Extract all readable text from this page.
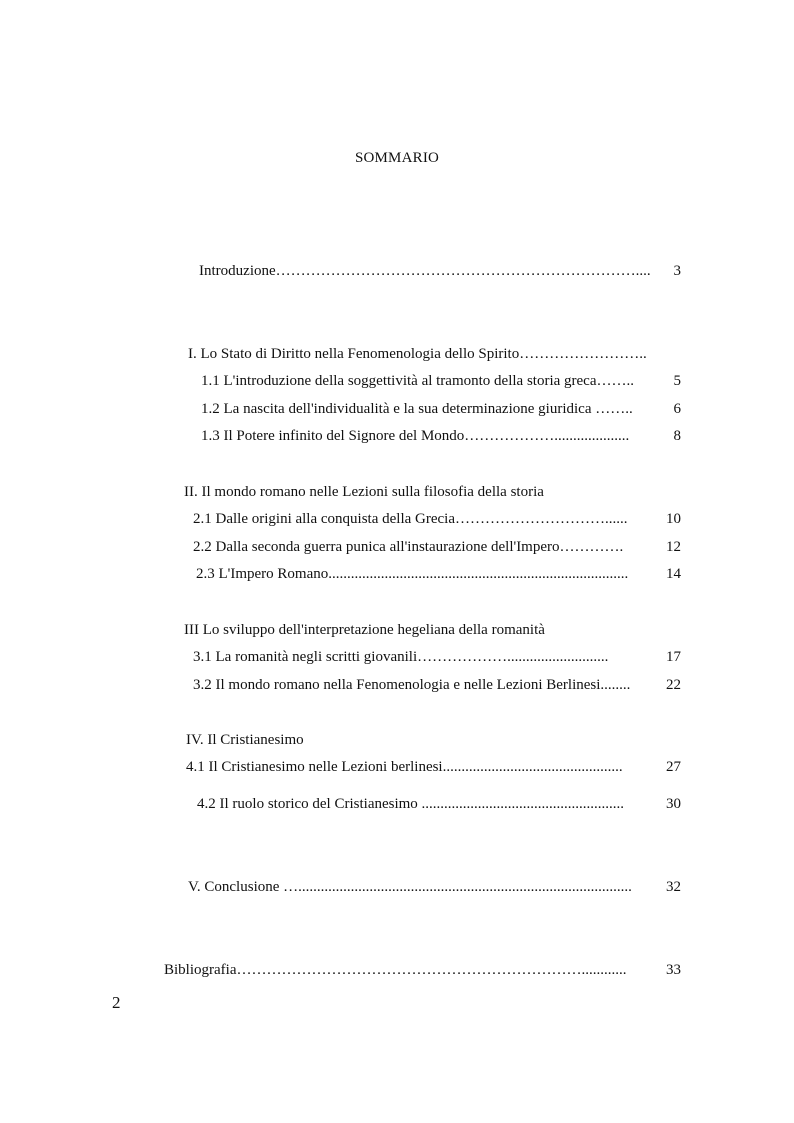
SOMMARIO
Introduzione……………………………………………………………….... 3
I. Lo Stato di Diritto nella Fenomenologia dello Spirito……………………..
1.1 L'introduzione della soggettività al tramonto della storia greca……..	5
1.2 La nascita dell'individualità e la sua determinazione giuridica ……..	6
1.3 Il Potere infinito del Signore del Mondo………………....................	8
II. Il mondo romano nelle Lezioni sulla filosofia della storia
2.1 Dalle origini alla conquista della Grecia…………………………......	10
2.2 Dalla seconda guerra punica all'instaurazione dell'Impero………….	12
2.3 L'Impero Romano................................................................................	14
III Lo sviluppo dell'interpretazione hegeliana della romanità
3.1 La romanità negli scritti giovanili………………...........................	17
3.2 Il mondo romano nella Fenomenologia e nelle Lezioni Berlinesi........ 22
IV. Il Cristianesimo
4.1 Il Cristianesimo nelle Lezioni berlinesi................................................	27
4.2 Il ruolo storico del Cristianesimo ......................................................	30
V. Conclusione …......................................................................................... 32
Bibliografia……………………………………………………………............	33
2
